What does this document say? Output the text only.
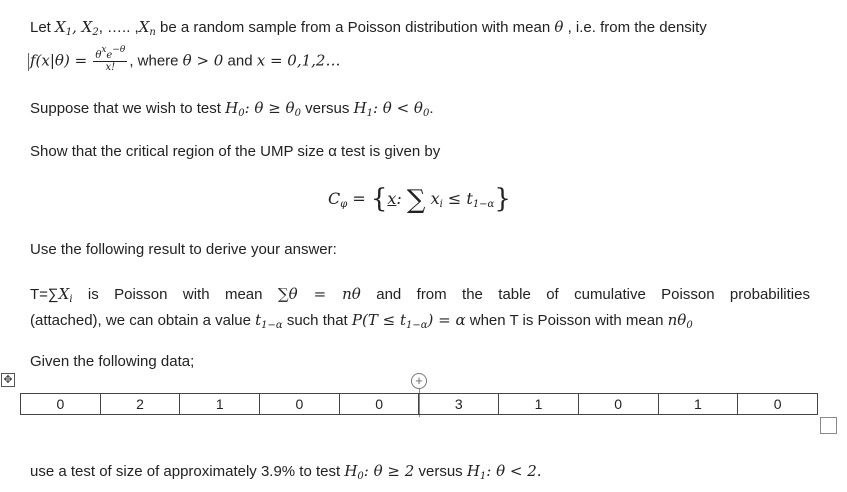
Let $X_1$, $X_2$, ….. $,X_n$ be a random sample from a Poisson distribution with mean θ , i.e. from the density
$f(x|\theta) = \frac{\theta^xe^{-\theta}}{x!}$ , where θ > 0 and x = 0,1,2…
Suppose that we wish to test $H_0$: $\theta \ge \theta_0$ versus $H_1$: $\theta < \theta_0$.
Show that the critical region of the UMP size α test is given by
$C_\varphi = \{x$: ∑ $x_i \le t_{1-\alpha}$}
Use the following result to derive your answer:
$T=\sum X_i$ is Poisson with mean ∑θ = nθ and from the table of cumulative Poisson probabilities
(attached), we can obtain a value $t_{1-\alpha}$ such that $P(T \le t_{1-\alpha}) = \alpha$ when T is Poisson with mean $n\theta_0$
Given the following data;
✥	+
0	2	1	0	0	3	1	0	1	0
use a test of size of approximately 3.9% to test $H_0$: θ ≥ 2 versus $H_1$: θ < 2.
